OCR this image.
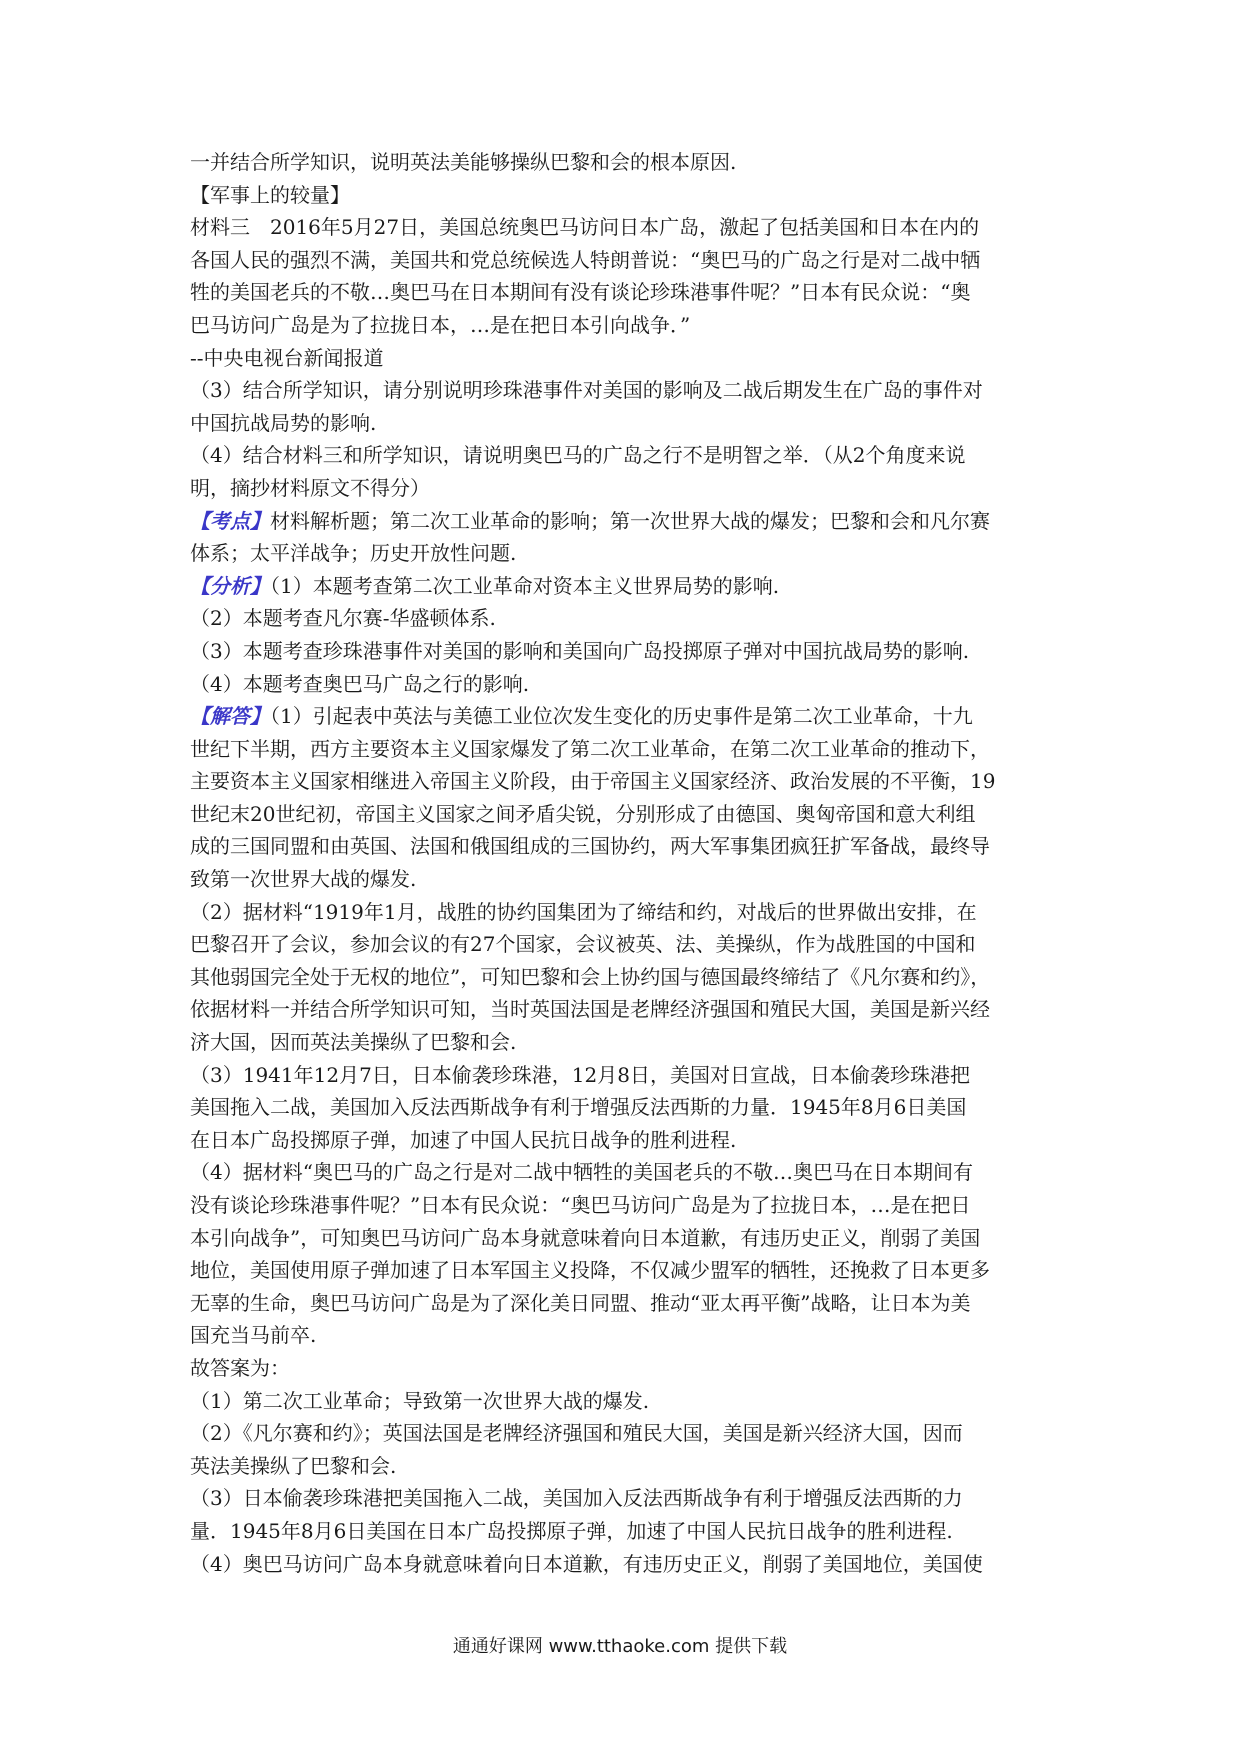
一并结合所学知识，说明英法美能够操纵巴黎和会的根本原因.
【军事上的较量】
材料三　2016年5月27日，美国总统奥巴马访问日本广岛，激起了包括美国和日本在内的
各国人民的强烈不满，美国共和党总统候选人特朗普说：“奥巴马的广岛之行是对二战中牺
牲的美国老兵的不敬…奥巴马在日本期间有没有谈论珍珠港事件呢？”日本有民众说：“奥
巴马访问广岛是为了拉拢日本，…是在把日本引向战争．”
--中央电视台新闻报道
（3）结合所学知识，请分别说明珍珠港事件对美国的影响及二战后期发生在广岛的事件对
中国抗战局势的影响.
（4）结合材料三和所学知识，请说明奥巴马的广岛之行不是明智之举．（从2个角度来说
明，摘抄材料原文不得分）
【考点】材料解析题；第二次工业革命的影响；第一次世界大战的爆发；巴黎和会和凡尔赛
体系；太平洋战争；历史开放性问题.
【分析】（1）本题考查第二次工业革命对资本主义世界局势的影响.
（2）本题考查凡尔赛-华盛顿体系.
（3）本题考查珍珠港事件对美国的影响和美国向广岛投掷原子弹对中国抗战局势的影响.
（4）本题考查奥巴马广岛之行的影响.
【解答】（1）引起表中英法与美德工业位次发生变化的历史事件是第二次工业革命，十九
世纪下半期，西方主要资本主义国家爆发了第二次工业革命，在第二次工业革命的推动下，
主要资本主义国家相继进入帝国主义阶段，由于帝国主义国家经济、政治发展的不平衡，19
世纪末20世纪初，帝国主义国家之间矛盾尖锐，分别形成了由德国、奥匈帝国和意大利组
成的三国同盟和由英国、法国和俄国组成的三国协约，两大军事集团疯狂扩军备战，最终导
致第一次世界大战的爆发.
（2）据材料“1919年1月，战胜的协约国集团为了缔结和约，对战后的世界做出安排，在
巴黎召开了会议，参加会议的有27个国家，会议被英、法、美操纵，作为战胜国的中国和
其他弱国完全处于无权的地位”，可知巴黎和会上协约国与德国最终缔结了《凡尔赛和约》，
依据材料一并结合所学知识可知，当时英国法国是老牌经济强国和殖民大国，美国是新兴经
济大国，因而英法美操纵了巴黎和会.
（3）1941年12月7日，日本偷袭珍珠港，12月8日，美国对日宣战，日本偷袭珍珠港把
美国拖入二战，美国加入反法西斯战争有利于增强反法西斯的力量．1945年8月6日美国
在日本广岛投掷原子弹，加速了中国人民抗日战争的胜利进程.
（4）据材料“奥巴马的广岛之行是对二战中牺牲的美国老兵的不敬…奥巴马在日本期间有
没有谈论珍珠港事件呢？”日本有民众说：“奥巴马访问广岛是为了拉拢日本，…是在把日
本引向战争”，可知奥巴马访问广岛本身就意味着向日本道歉，有违历史正义，削弱了美国
地位，美国使用原子弹加速了日本军国主义投降，不仅减少盟军的牺牲，还挽救了日本更多
无辜的生命，奥巴马访问广岛是为了深化美日同盟、推动“亚太再平衡”战略，让日本为美
国充当马前卒.
故答案为：
（1）第二次工业革命；导致第一次世界大战的爆发.
（2）《凡尔赛和约》；英国法国是老牌经济强国和殖民大国，美国是新兴经济大国，因而
英法美操纵了巴黎和会.
（3）日本偷袭珍珠港把美国拖入二战，美国加入反法西斯战争有利于增强反法西斯的力
量．1945年8月6日美国在日本广岛投掷原子弹，加速了中国人民抗日战争的胜利进程.
（4）奥巴马访问广岛本身就意味着向日本道歉，有违历史正义，削弱了美国地位，美国使
通通好课网 www.tthaoke.com 提供下载
